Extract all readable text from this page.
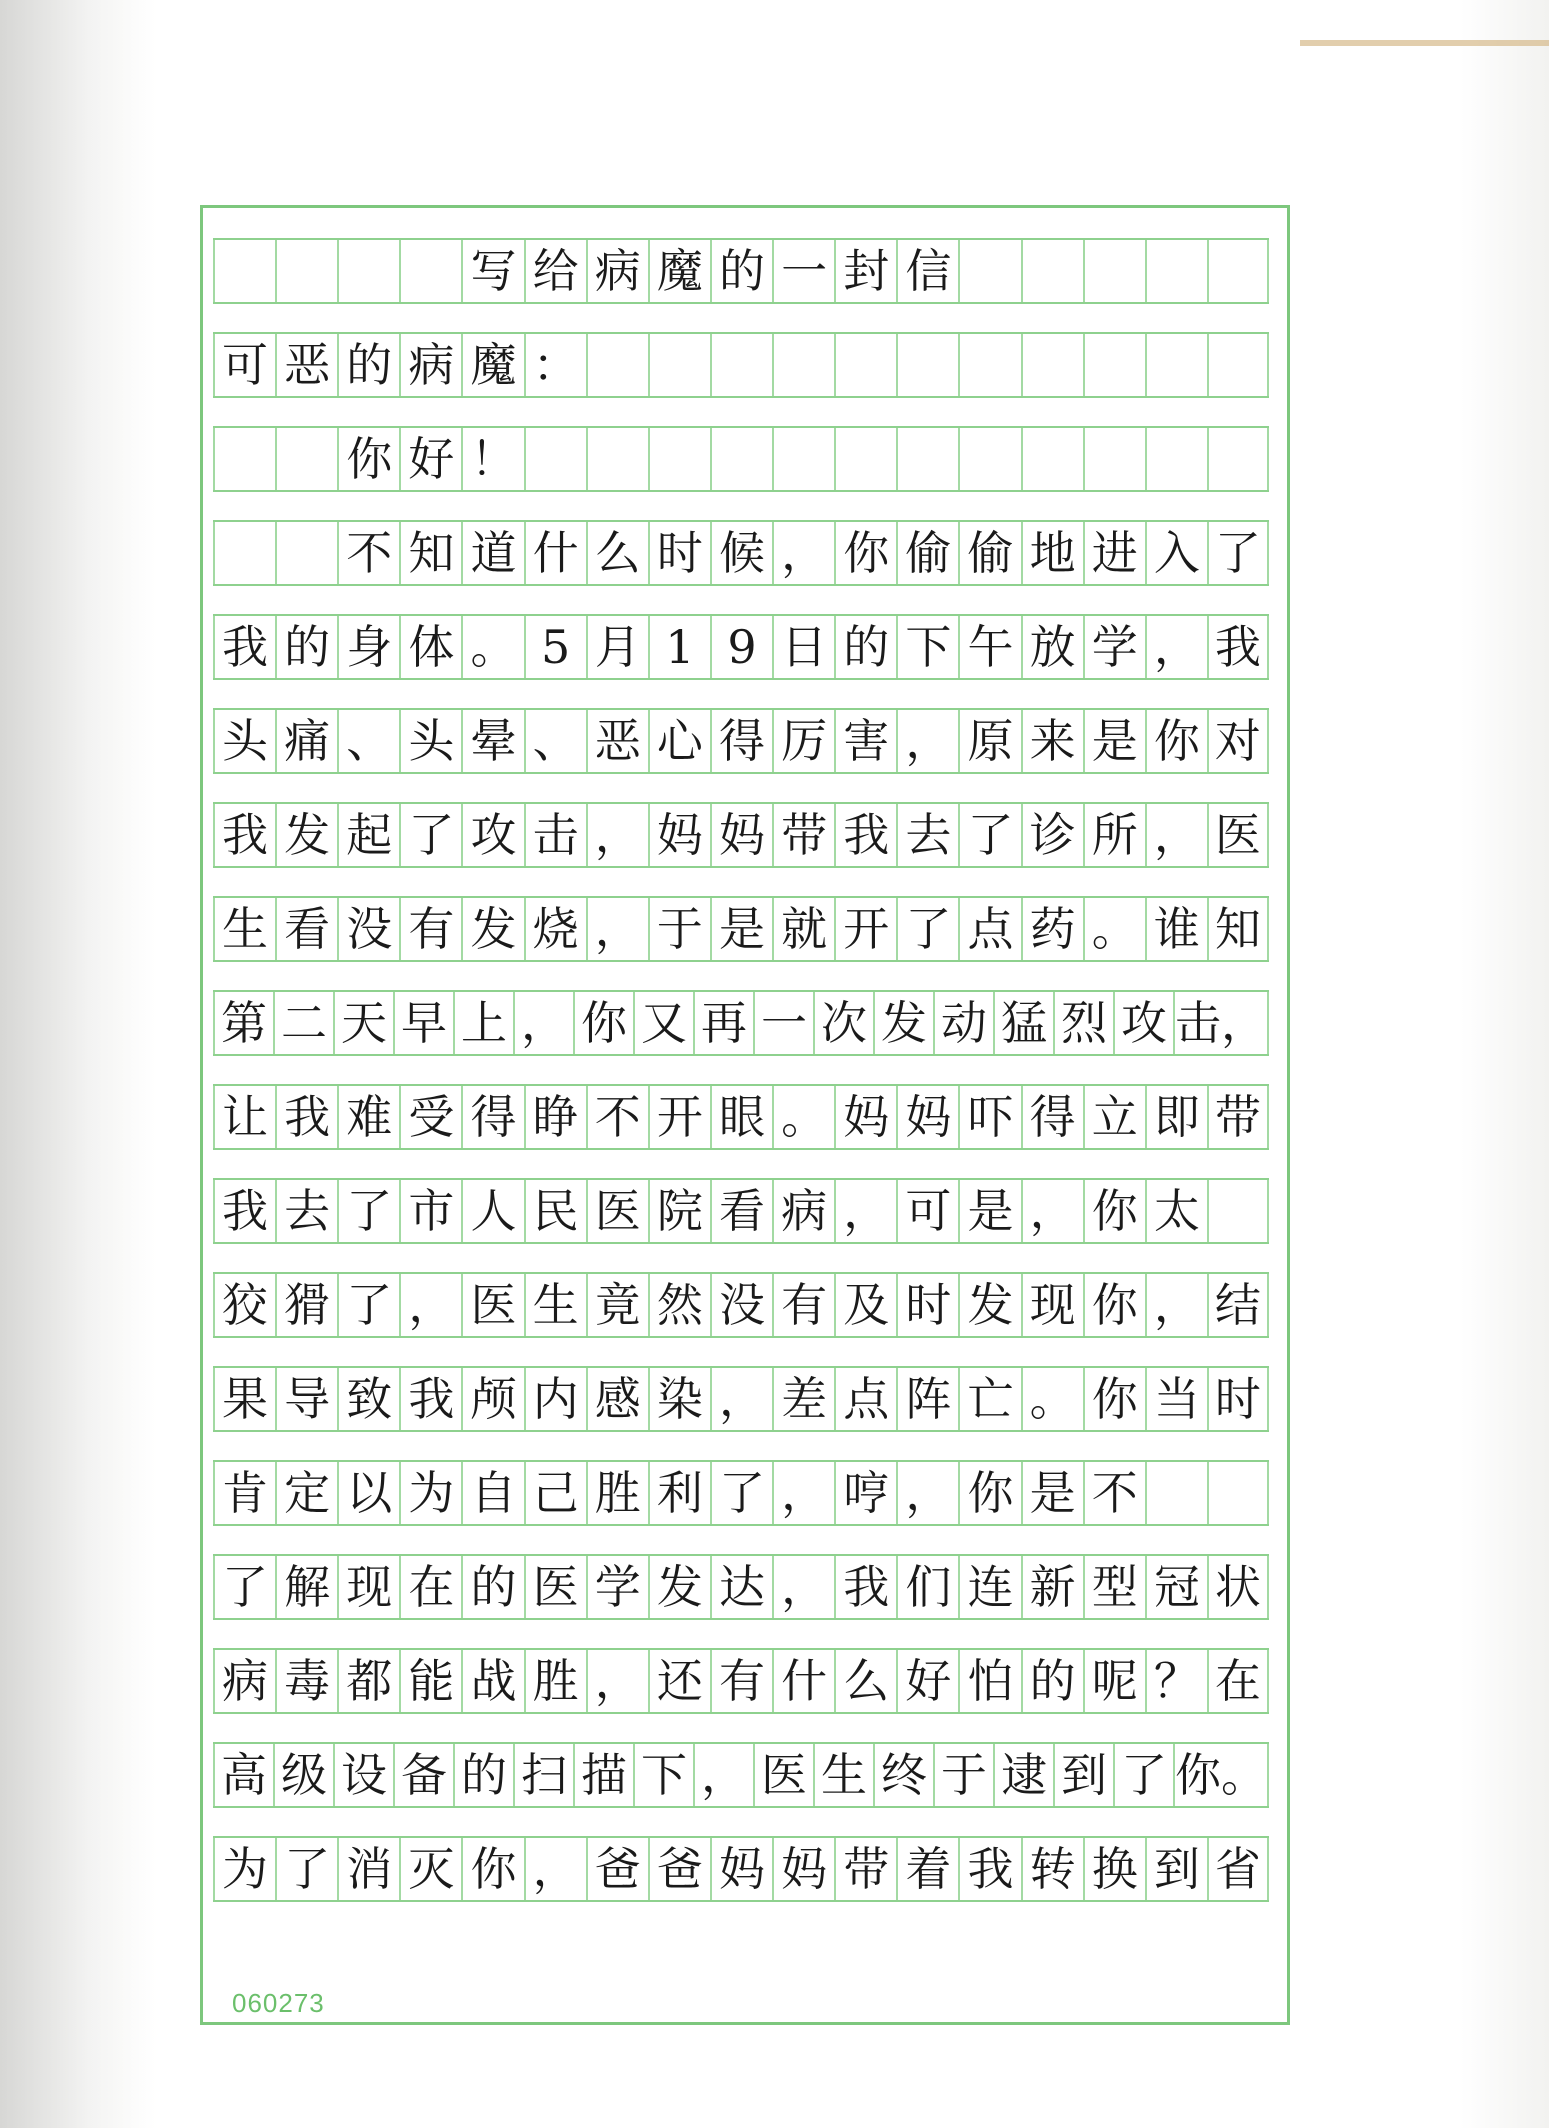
写 给 病 魔 的 一 封 信
可 恶 的 病 魔 ：
你 好 ！
不 知 道 什 么 时 候 ， 你 偷 偷 地 进 入 了
我 的 身 体 。 5 月 1 9 日 的 下 午 放 学 ， 我
头 痛 、 头 晕 、 恶 心 得 厉 害 ， 原 来 是 你 对
我 发 起 了 攻 击 ， 妈 妈 带 我 去 了 诊 所 ， 医
生 看 没 有 发 烧 ， 于 是 就 开 了 点 药 。 谁 知
第 二 天 早 上 ， 你 又 再 一 次 发 动 猛 烈 攻 击，
让 我 难 受 得 睁 不 开 眼 。 妈 妈 吓 得 立 即 带
我 去 了 市 人 民 医 院 看 病 ， 可 是 ， 你 太
狡 猾 了 ， 医 生 竟 然 没 有 及 时 发 现 你 ， 结
果 导 致 我 颅 内 感 染 ， 差 点 阵 亡 。 你 当 时
肯 定 以 为 自 己 胜 利 了 ， 哼 ， 你 是 不
了 解 现 在 的 医 学 发 达 ， 我 们 连 新 型 冠 状
病 毒 都 能 战 胜 ， 还 有 什 么 好 怕 的 呢 ？ 在
高 级 设 备 的 扫 描 下 ， 医 生 终 于 逮 到 了 你。
为 了 消 灭 你 ， 爸 爸 妈 妈 带 着 我 转 换 到 省
060273
